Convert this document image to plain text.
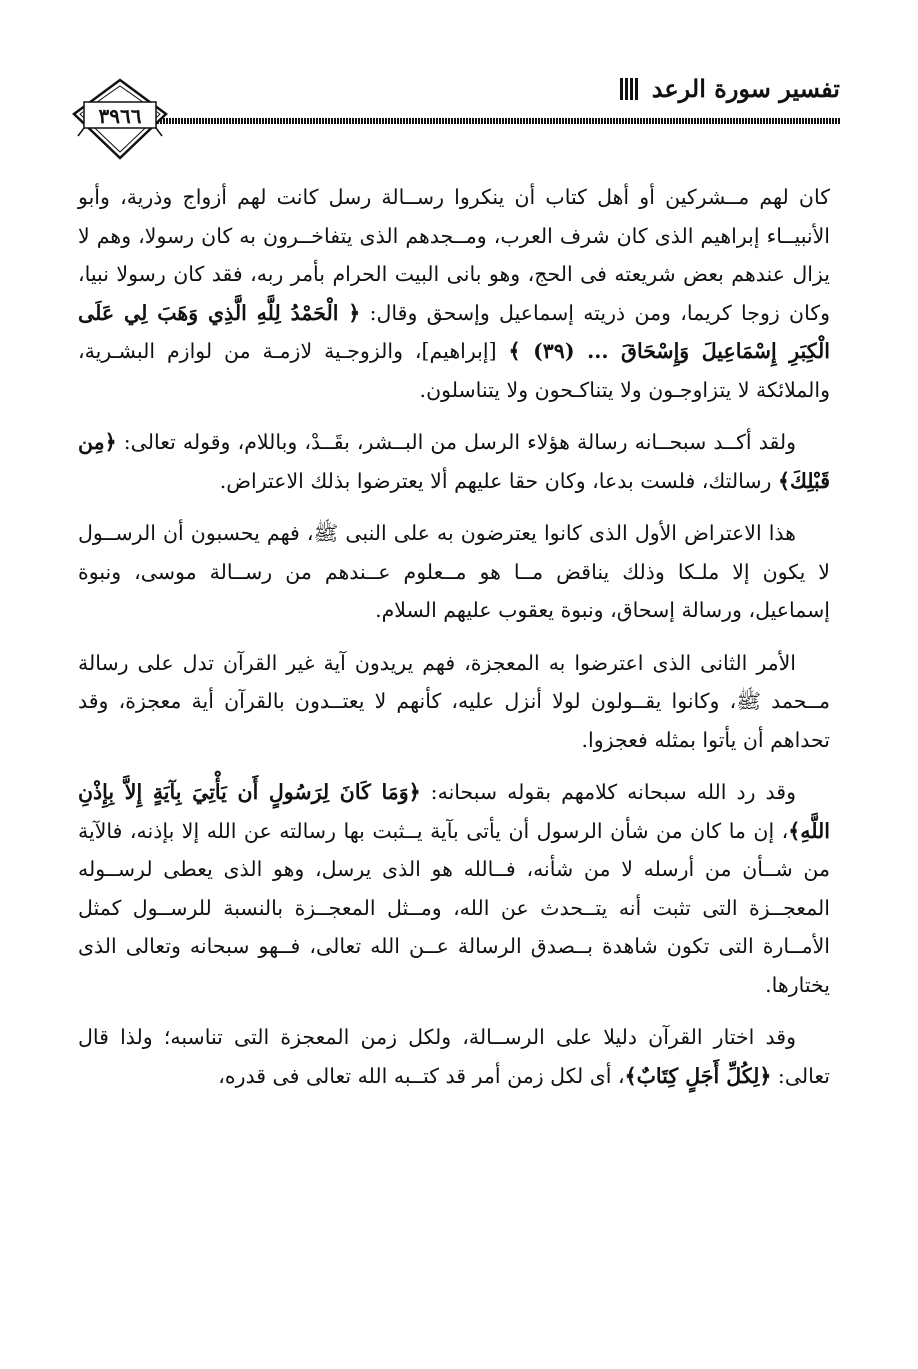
تفسير سورة الرعد
٣٩٦٦

كان لهم مــشركين أو أهل كتاب أن ينكروا رســالة رسل كانت لهم أزواج وذرية، وأبو الأنبيــاء إبراهيم الذى كان شرف العرب، ومــجدهم الذى يتفاخــرون به كان رسولا، وهم لا يزال عندهم بعض شريعته فى الحج، وهو بانى البيت الحرام بأمر ربه، فقد كان رسولا نبيا، وكان زوجا كريما، ومن ذريته إسماعيل وإسحق وقال: ﴿ الْحَمْدُ لِلَّهِ الَّذِي وَهَبَ لِي عَلَى الْكِبَرِ إِسْمَاعِيلَ وَإِسْحَاقَ ... (٣٩) ﴾ [إبراهيم]، والزوجـية لازمـة من لوازم البشـرية، والملائكة لا يتزاوجـون ولا يتناكـحون ولا يتناسلون.

ولقد أكــد سبحــانه رسالة هؤلاء الرسل من البــشر، بقَــدْ، وباللام، وقوله تعالى: ﴿مِن قَبْلِكَ﴾ رسالتك، فلست بدعا، وكان حقا عليهم ألا يعترضوا بذلك الاعتراض.

هذا الاعتراض الأول الذى كانوا يعترضون به على النبى ﷺ، فهم يحسبون أن الرســول لا يكون إلا ملـكا وذلك يناقض مــا هو مــعلوم عــندهم من رســالة موسى، ونبوة إسماعيل، ورسالة إسحاق، ونبوة يعقوب عليهم السلام.

الأمر الثانى الذى اعترضوا به المعجزة، فهم يريدون آية غير القرآن تدل على رسالة مــحمد ﷺ، وكانوا يقــولون لولا أنزل عليه، كأنهم لا يعتــدون بالقرآن أية معجزة، وقد تحداهم أن يأتوا بمثله فعجزوا.

وقد رد الله سبحانه كلامهم بقوله سبحانه: ﴿وَمَا كَانَ لِرَسُولٍ أَن يَأْتِيَ بِآيَةٍ إِلاَّ بِإِذْنِ اللَّهِ﴾، إن ما كان من شأن الرسول أن يأتى بآية يــثبت بها رسالته عن الله إلا بإذنه، فالآية من شــأن من أرسله لا من شأنه، فــالله هو الذى يرسل، وهو الذى يعطى لرســوله المعجــزة التى تثبت أنه يتــحدث عن الله، ومــثل المعجــزة بالنسبة للرســول كمثل الأمــارة التى تكون شاهدة بــصدق الرسالة عــن الله تعالى، فــهو سبحانه وتعالى الذى يختارها.

وقد اختار القرآن دليلا على الرســالة، ولكل زمن المعجزة التى تناسبه؛ ولذا قال تعالى: ﴿لِكُلِّ أَجَلٍ كِتَابٌ﴾، أى لكل زمن أمر قد كتــبه الله تعالى فى قدره،
